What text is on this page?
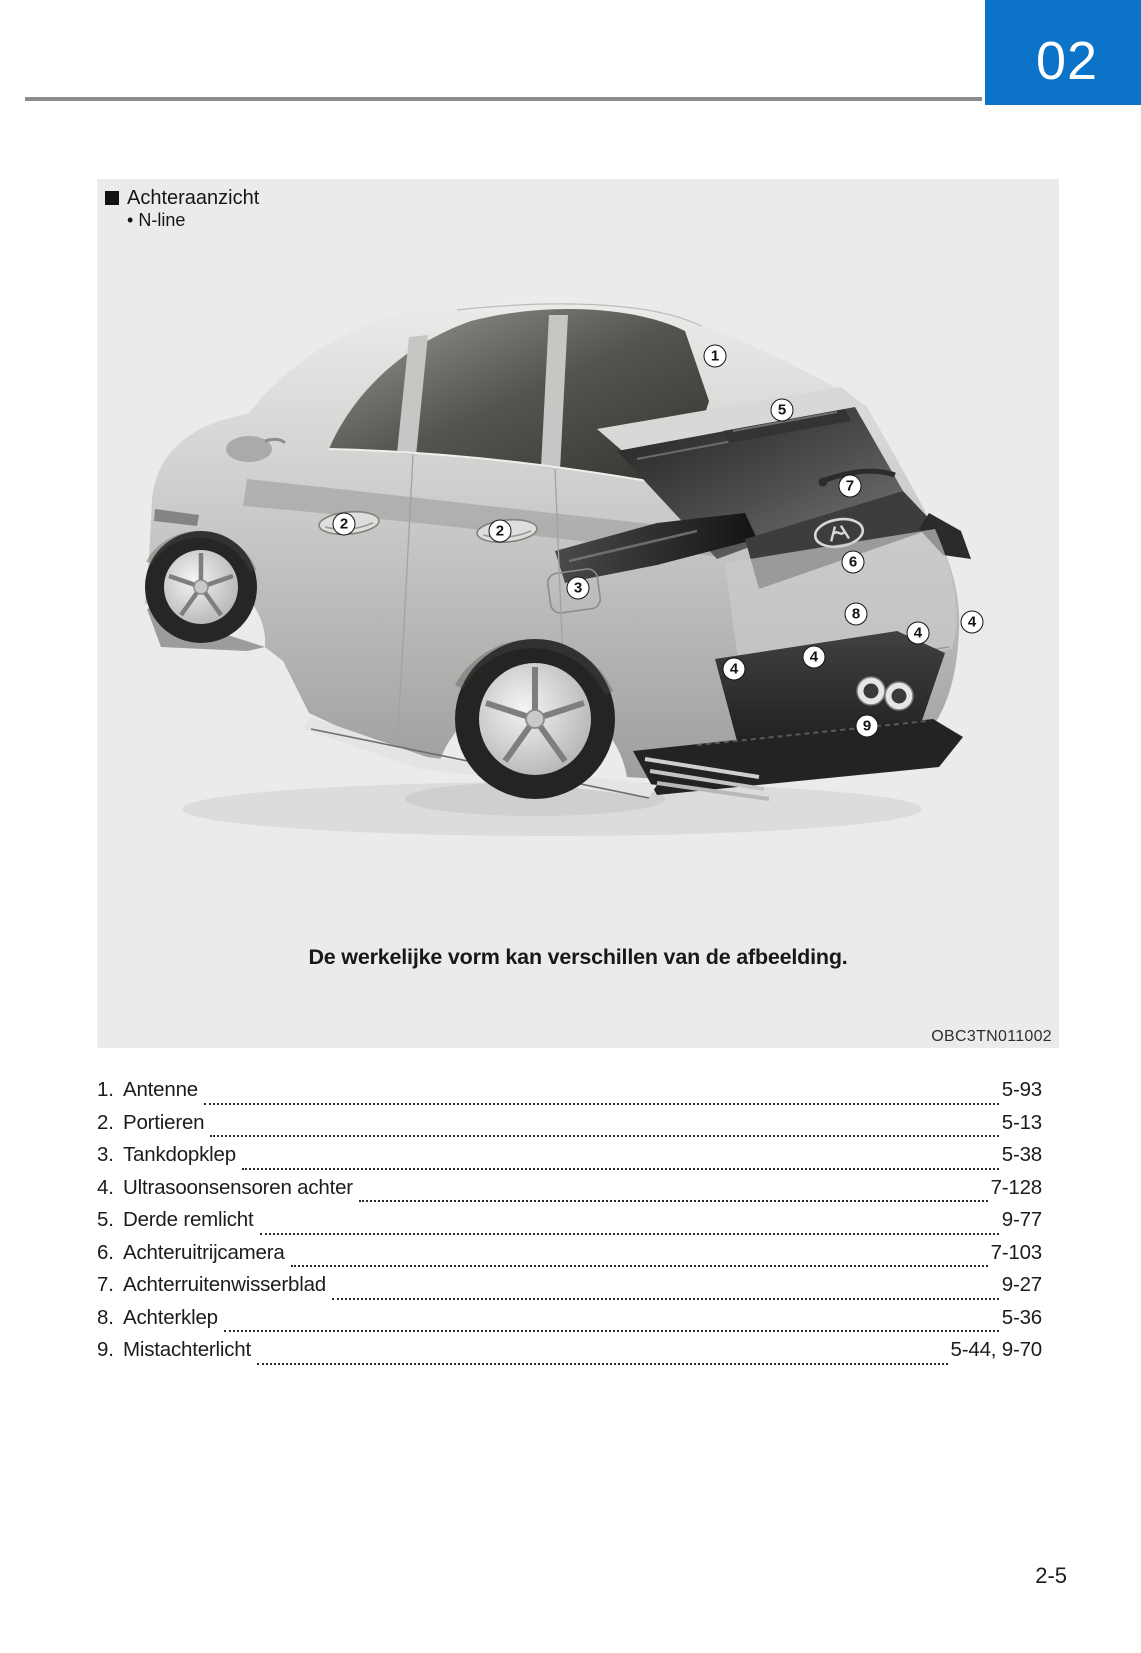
02
Achteraanzicht
• N-line
1
5
7
2	2
6
3
8	4
4
4
4
9
De werkelijke vorm kan verschillen van de afbeelding.
OBC3TN011002
1. Antenne	5-93
2. Portieren	5-13
3. Tankdopklep	5-38
4. Ultrasoonsensoren achter	7-128
5. Derde remlicht	9-77
6. Achteruitrijcamera	7-103
7. Achterruitenwisserblad	9-27
8. Achterklep	5-36
9. Mistachterlicht	5-44, 9-70
2-5
